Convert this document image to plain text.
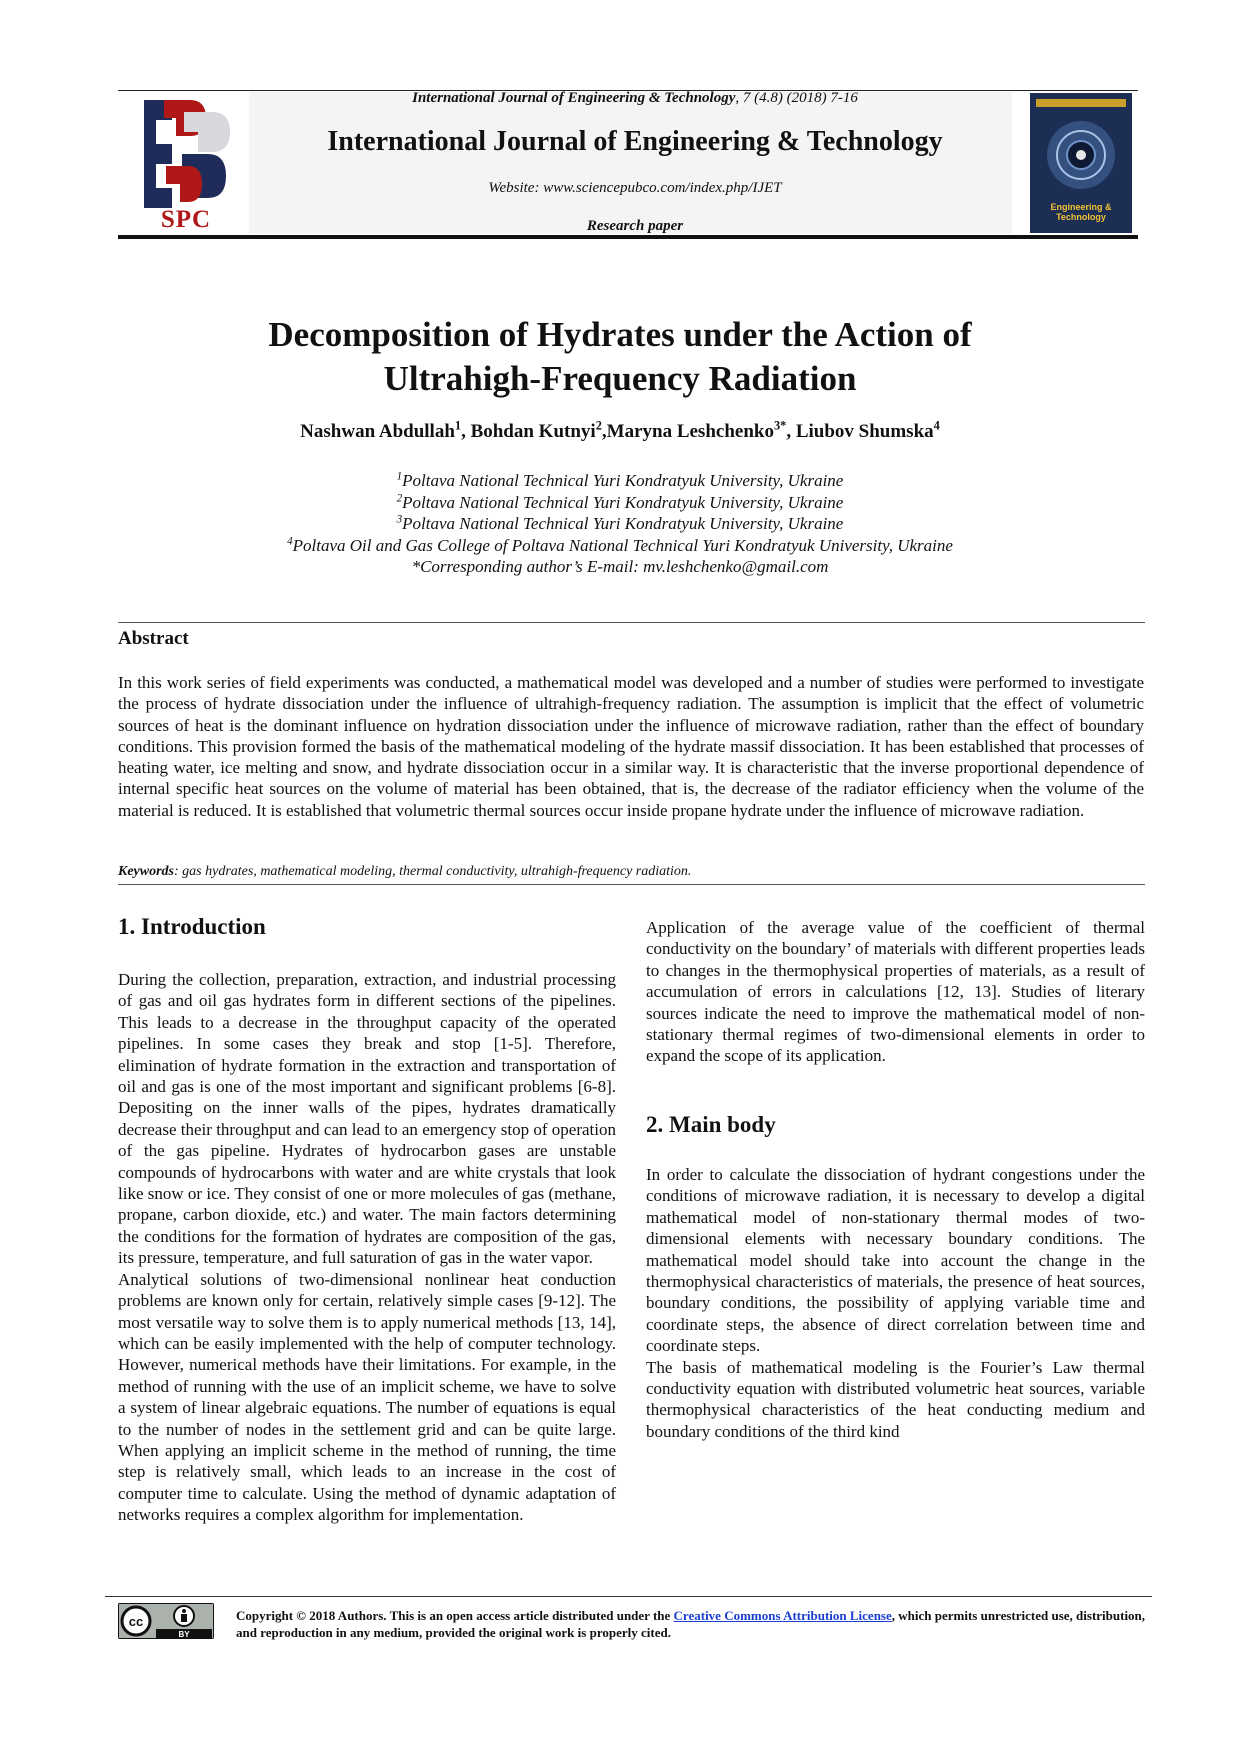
International Journal of Engineering & Technology, 7 (4.8) (2018) 7-16
International Journal of Engineering & Technology
Website: www.sciencepubco.com/index.php/IJET
Research paper
SPC	Engineering & Technology
Decomposition of Hydrates under the Action of
Ultrahigh-Frequency Radiation
Nashwan Abdullah$^1$, Bohdan Kutnyi$^2$,Maryna Leshchenko$^{3*}$, Liubov Shumska$^4$
$^1$Poltava National Technical Yuri Kondratyuk University, Ukraine
$^2$Poltava National Technical Yuri Kondratyuk University, Ukraine
$^3$Poltava National Technical Yuri Kondratyuk University, Ukraine
$^4$Poltava Oil and Gas College of Poltava National Technical Yuri Kondratyuk University, Ukraine
*Corresponding author’s E-mail: mv.leshchenko@gmail.com
Abstract
In this work series of field experiments was conducted, a mathematical model was developed and a number of studies were performed to investigate the process of hydrate dissociation under the influence of ultrahigh-frequency radiation. The assumption is implicit that the effect of volumetric sources of heat is the dominant influence on hydration dissociation under the influence of microwave radiation, rather than the effect of boundary conditions. This provision formed the basis of the mathematical modeling of the hydrate massif dissociation. It has been established that processes of heating water, ice melting and snow, and hydrate dissociation occur in a similar way. It is characteristic that the inverse proportional dependence of internal specific heat sources on the volume of material has been obtained, that is, the decrease of the radiator efficiency when the volume of the material is reduced. It is established that volumetric thermal sources occur inside propane hydrate under the influence of microwave radiation.
Keywords: gas hydrates, mathematical modeling, thermal conductivity, ultrahigh-frequency radiation.
1. Introduction

During the collection, preparation, extraction, and industrial processing of gas and oil gas hydrates form in different sections of the pipelines. This leads to a decrease in the throughput capacity of the operated pipelines. In some cases they break and stop [1-5]. Therefore, elimination of hydrate formation in the extraction and transportation of oil and gas is one of the most important and significant problems [6-8]. Depositing on the inner walls of the pipes, hydrates dramatically decrease their throughput and can lead to an emergency stop of operation of the gas pipeline. Hydrates of hydrocarbon gases are unstable compounds of hydrocarbons with water and are white crystals that look like snow or ice. They consist of one or more molecules of gas (methane, propane, carbon dioxide, etc.) and water. The main factors determining the conditions for the formation of hydrates are composition of the gas, its pressure, temperature, and full saturation of gas in the water vapor.

Analytical solutions of two-dimensional nonlinear heat conduction problems are known only for certain, relatively simple cases [9-12]. The most versatile way to solve them is to apply numerical methods [13, 14], which can be easily implemented with the help of computer technology. However, numerical methods have their limitations. For example, in the method of running with the use of an implicit scheme, we have to solve a system of linear algebraic equations. The number of equations is equal to the number of nodes in the settlement grid and can be quite large. When applying an implicit scheme in the method of running, the time step is relatively small, which leads to an increase in the cost of computer time to calculate. Using the method of dynamic adaptation of networks requires a complex algorithm for implementation.

Application of the average value of the coefficient of thermal conductivity on the boundary’ of materials with different properties leads to changes in the thermophysical properties of materials, as a result of accumulation of errors in calculations [12, 13]. Studies of literary sources indicate the need to improve the mathematical model of non-stationary thermal regimes of two-dimensional elements in order to expand the scope of its application.

2. Main body

In order to calculate the dissociation of hydrant congestions under the conditions of microwave radiation, it is necessary to develop a digital mathematical model of non-stationary thermal modes of two-dimensional elements with necessary boundary conditions. The mathematical model should take into account the change in the thermophysical characteristics of materials, the presence of heat sources, boundary conditions, the possibility of applying variable time and coordinate steps, the absence of direct correlation between time and coordinate steps.

The basis of mathematical modeling is the Fourier’s Law thermal conductivity equation with distributed volumetric heat sources, variable thermophysical characteristics of the heat conducting medium and boundary conditions of the third kind

cc
BY
Copyright © 2018 Authors. This is an open access article distributed under the Creative Commons Attribution License, which permits unrestricted use, distribution, and reproduction in any medium, provided the original work is properly cited.
